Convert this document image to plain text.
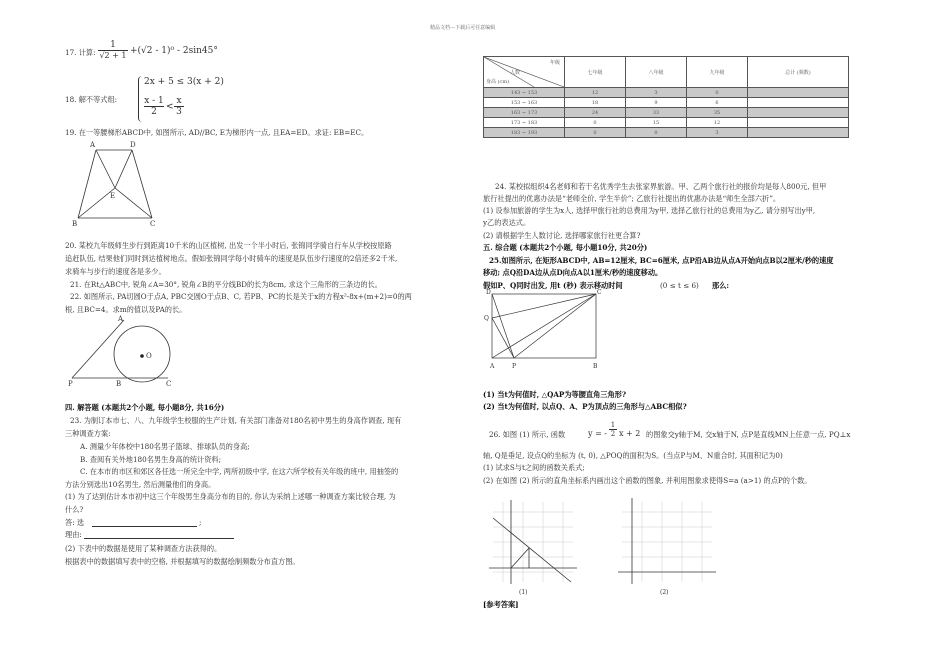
精品文档---下载后可任意编辑
17. 计算: $\frac{1}{√2 + 1} +(√2 - 1)^0 - 2\sin 45^\circ$
18. 解不等式组:
2x + 5 ≤ 3(x + 2)
$\frac{x - 1}{2} < \frac{x}{3}$
19. 在一等腰梯形ABCD中, 如图所示, AD//BC, E为梯形内一点, 且EA=ED。求证: EB=EC。
A	D
E
B	C
20. 某校九年级师生步行到距离10千米的山区植树, 出发一个半小时后, 张锦同学骑自行车从学校按原路
追赶队伍, 结果他们同时到达植树地点。假如张锦同学每小时骑车的速度是队伍步行速度的2倍还多2千米,
求骑车与步行的速度各是多少。
21. 在Rt△ABC中, 锐角∠A=30°, 锐角∠B的平分线BD的长为8cm, 求这个三角形的三条边的长。
22. 如图所示, PA切圆O于点A, PBC交圆O于点B、C, 若PB、PC的长是关于x的方程x²-8x+(m+2)=0的两
根, 且BC=4。求m的值以及PA的长。
A
O
P	B	C
四. 解答题 (本题共2个小题, 每小题8分, 共16分)
23. 为制订本市七、八、九年级学生校服的生产计划, 有关部门准备对180名初中男生的身高作调查, 现有
三种调查方案:
A. 测量少年体校中180名男子篮球、排球队员的身高;
B. 查阅有关外地180名男生身高的统计资料;
C. 在本市的市区和郊区各任选一所完全中学, 两所初级中学, 在这六所学校有关年级的班中, 用抽签的
方法分别选出10名男生, 然后测量他们的身高。
(1) 为了达到估计本市初中这三个年级男生身高分布的目的, 你认为采纳上述哪一种调查方案比较合理, 为
什么?
答: 选	;
理由:
(2) 下表中的数据是使用了某种调查方法获得的。
根据表中的数据填写表中的空格, 并根据填写的数据绘制频数分布直方图。
年级
人数
身高 (cm)	七年级	八年级	九年级	总计 (频数)
143 ~ 153	12	3	0	
153 ~ 163	18	9	6	
163 ~ 173	24	33	35	
173 ~ 183	0	15	12	
183 ~ 193	0	0	3	
24. 某校拟组织4名老师和若干名优秀学生去张家界旅游。甲、乙两个旅行社的报价均是每人800元, 但甲
旅行社提出的优惠办法是“老师全价, 学生半价”; 乙旅行社提出的优惠办法是“师生全部六折”。
(1) 设参加旅游的学生为x人, 选择甲旅行社的总费用为y甲, 选择乙旅行社的总费用为y乙, 请分别写出y甲,
y乙的表达式。
(2) 请根据学生人数讨论, 选择哪家旅行社更合算?
五. 综合题 (本题共2个小题, 每小题10分, 共20分)
25.如图所示, 在矩形ABCD中, AB=12厘米, BC=6厘米, 点P沿AB边从点A开始向点B以2厘米/秒的速度
移动; 点Q沿DA边从点D向点A以1厘米/秒的速度移动。
假如P、Q同时出发, 用t (秒) 表示移动时间	(0 ≤ t ≤ 6) 那么:
D	C
Q
A	P	B
(1) 当t为何值时, △QAP为等腰直角三角形?
(2) 当t为何值时, 以点Q、A、P为顶点的三角形与△ABC相似?
26. 如图 (1) 所示, 函数	y = - $\frac{1}{2}$ x + 2 的图象交y轴于M, 交x轴于N, 点P是直线MN上任意一点, PQ⊥x
轴, Q是垂足, 设点Q的坐标为 (t, 0), △POQ的面积为S。(当点P与M、N重合时, 其面积记为0)
(1) 试求S与t之间的函数关系式;
(2) 在如图 (2) 所示的直角坐标系内画出这个函数的图象, 并利用图象求使得S=a (a>1) 的点P的个数。
(1)	(2)
[参考答案]
